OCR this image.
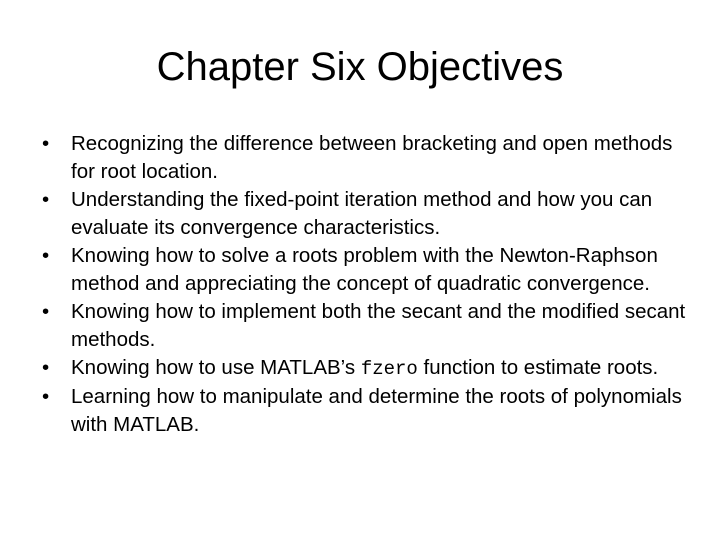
Chapter Six Objectives
•	Recognizing the difference between bracketing and open methods for root location.
•	Understanding the fixed-point iteration method and how you can evaluate its convergence characteristics.
•	Knowing how to solve a roots problem with the Newton-Raphson method and appreciating the concept of quadratic convergence.
•	Knowing how to implement both the secant and the modified secant methods.
•	Knowing how to use MATLAB’s fzero function to estimate roots.
•	Learning how to manipulate and determine the roots of polynomials with MATLAB.
